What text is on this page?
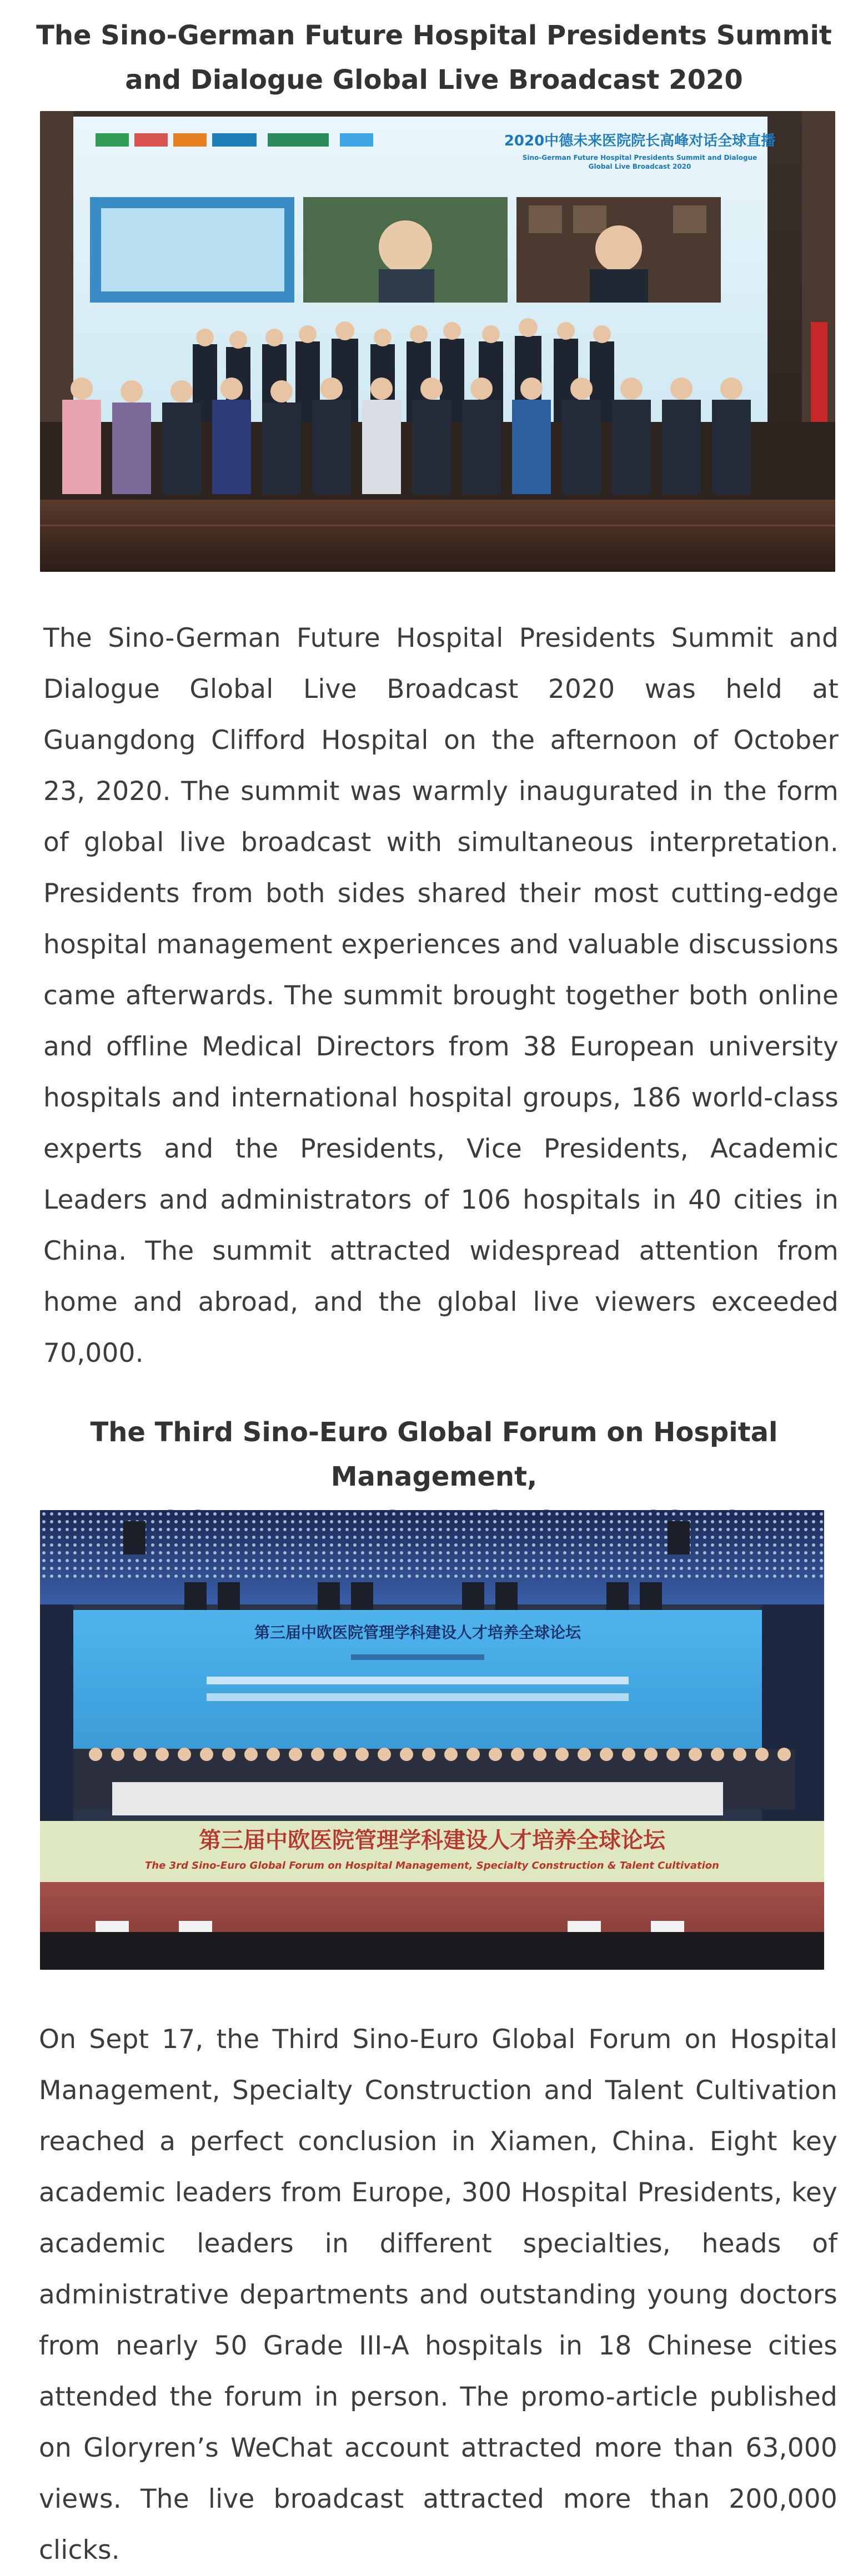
The Sino-German Future Hospital Presidents Summit
and Dialogue Global Live Broadcast 2020
2020中德未来医院院长高峰对话全球直播
Sino-German Future Hospital Presidents Summit and Dialogue
Global Live Broadcast 2020

The Sino-German Future Hospital Presidents Summit and Dialogue Global Live Broadcast 2020 was held at Guangdong Clifford Hospital on the afternoon of October 23, 2020. The summit was warmly inaugurated in the form of global live broadcast with simultaneous interpretation. Presidents from both sides shared their most cutting-edge hospital management experiences and valuable discussions came afterwards. The summit brought together both online and offline Medical Directors from 38 European university hospitals and international hospital groups, 186 world-class experts and the Presidents, Vice Presidents, Academic Leaders and administrators of 106 hospitals in 40 cities in China. The summit attracted widespread attention from home and abroad, and the global live viewers exceeded 70,000.

The Third Sino-Euro Global Forum on Hospital Management,
第三届中欧医院管理学科建设人才培养全球论坛
第三届中欧医院管理学科建设人才培养全球论坛
The 3rd Sino-Euro Global Forum on Hospital Management, Specialty Construction & Talent Cultivation

On Sept 17, the Third Sino-Euro Global Forum on Hospital Management, Specialty Construction and Talent Cultivation reached a perfect conclusion in Xiamen, China. Eight key academic leaders from Europe, 300 Hospital Presidents, key academic leaders in different specialties, heads of administrative departments and outstanding young doctors from nearly 50 Grade III-A hospitals in 18 Chinese cities attended the forum in person. The promo-article published on Gloryren’s WeChat account attracted more than 63,000 views. The live broadcast attracted more than 200,000 clicks.
